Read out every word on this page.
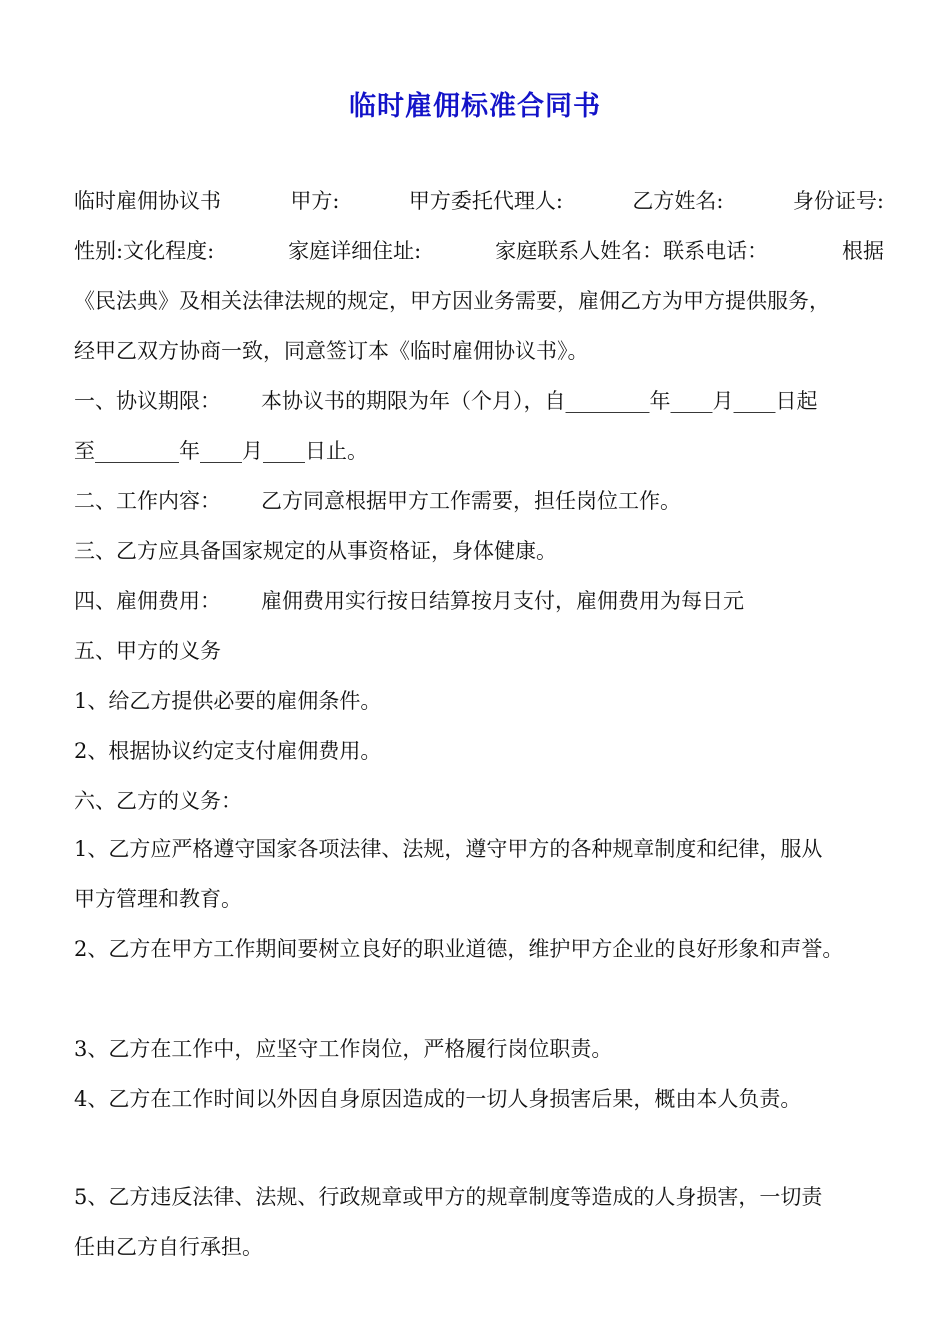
临时雇佣标准合同书
临时雇佣协议书	甲方:	甲方委托代理人:	乙方姓名:	身份证号:
性别:文化程度:	家庭详细住址:	家庭联系人姓名：联系电话：	根据
《民法典》及相关法律法规的规定，甲方因业务需要，雇佣乙方为甲方提供服务，
经甲乙双方协商一致，同意签订本《临时雇佣协议书》。
一、协议期限：      本协议书的期限为年（个月），自________年____月____日起
至________年____月____日止。
二、工作内容：      乙方同意根据甲方工作需要，担任岗位工作。
三、乙方应具备国家规定的从事资格证，身体健康。
四、雇佣费用：      雇佣费用实行按日结算按月支付，雇佣费用为每日元
五、甲方的义务
1、给乙方提供必要的雇佣条件。
2、根据协议约定支付雇佣费用。
六、乙方的义务：
1、乙方应严格遵守国家各项法律、法规，遵守甲方的各种规章制度和纪律，服从
甲方管理和教育。
2、乙方在甲方工作期间要树立良好的职业道德，维护甲方企业的良好形象和声誉。
3、乙方在工作中，应坚守工作岗位，严格履行岗位职责。
4、乙方在工作时间以外因自身原因造成的一切人身损害后果，概由本人负责。
5、乙方违反法律、法规、行政规章或甲方的规章制度等造成的人身损害，一切责
任由乙方自行承担。
